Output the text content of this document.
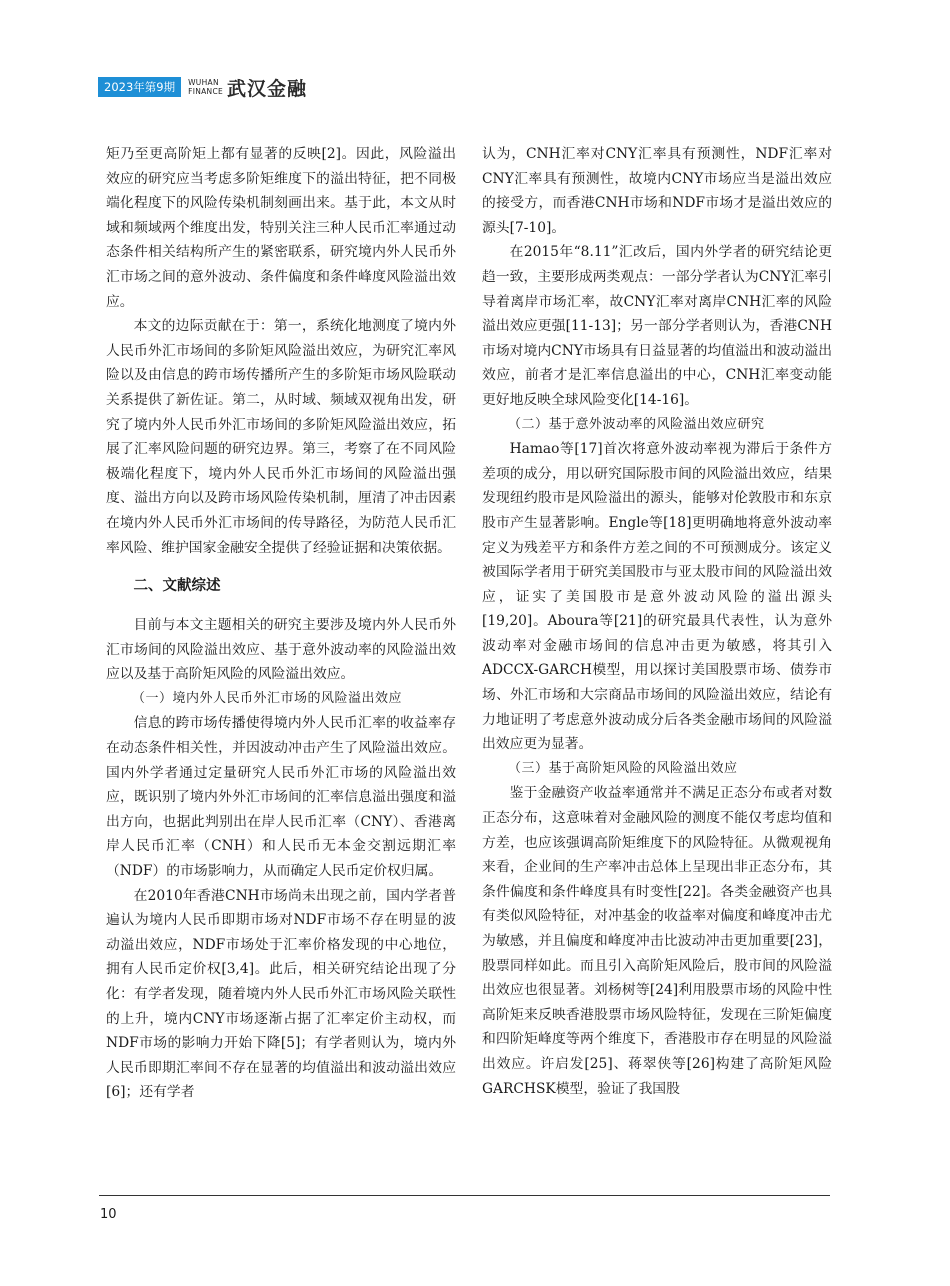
2023年第9期	WUHAN
FINANCE 武汉金融
矩乃至更高阶矩上都有显著的反映[2]。因此，风险溢出效应的研究应当考虑多阶矩维度下的溢出特征，把不同极端化程度下的风险传染机制刻画出来。基于此，本文从时域和频域两个维度出发，特别关注三种人民币汇率通过动态条件相关结构所产生的紧密联系，研究境内外人民币外汇市场之间的意外波动、条件偏度和条件峰度风险溢出效应。
本文的边际贡献在于：第一，系统化地测度了境内外人民币外汇市场间的多阶矩风险溢出效应，为研究汇率风险以及由信息的跨市场传播所产生的多阶矩市场风险联动关系提供了新佐证。第二，从时域、频域双视角出发，研究了境内外人民币外汇市场间的多阶矩风险溢出效应，拓展了汇率风险问题的研究边界。第三，考察了在不同风险极端化程度下，境内外人民币外汇市场间的风险溢出强度、溢出方向以及跨市场风险传染机制，厘清了冲击因素在境内外人民币外汇市场间的传导路径，为防范人民币汇率风险、维护国家金融安全提供了经验证据和决策依据。
二、文献综述
目前与本文主题相关的研究主要涉及境内外人民币外汇市场间的风险溢出效应、基于意外波动率的风险溢出效应以及基于高阶矩风险的风险溢出效应。
（一）境内外人民币外汇市场的风险溢出效应
信息的跨市场传播使得境内外人民币汇率的收益率存在动态条件相关性，并因波动冲击产生了风险溢出效应。国内外学者通过定量研究人民币外汇市场的风险溢出效应，既识别了境内外外汇市场间的汇率信息溢出强度和溢出方向，也据此判别出在岸人民币汇率（CNY）、香港离岸人民币汇率（CNH）和人民币无本金交割远期汇率（NDF）的市场影响力，从而确定人民币定价权归属。
在2010年香港CNH市场尚未出现之前，国内学者普遍认为境内人民币即期市场对NDF市场不存在明显的波动溢出效应，NDF市场处于汇率价格发现的中心地位，拥有人民币定价权[3,4]。此后，相关研究结论出现了分化：有学者发现，随着境内外人民币外汇市场风险关联性的上升，境内CNY市场逐渐占据了汇率定价主动权，而NDF市场的影响力开始下降[5]；有学者则认为，境内外人民币即期汇率间不存在显著的均值溢出和波动溢出效应[6]；还有学者
认为，CNH汇率对CNY汇率具有预测性，NDF汇率对CNY汇率具有预测性，故境内CNY市场应当是溢出效应的接受方，而香港CNH市场和NDF市场才是溢出效应的源头[7-10]。
在2015年“8.11”汇改后，国内外学者的研究结论更趋一致，主要形成两类观点：一部分学者认为CNY汇率引导着离岸市场汇率，故CNY汇率对离岸CNH汇率的风险溢出效应更强[11-13]；另一部分学者则认为，香港CNH市场对境内CNY市场具有日益显著的均值溢出和波动溢出效应，前者才是汇率信息溢出的中心，CNH汇率变动能更好地反映全球风险变化[14-16]。
（二）基于意外波动率的风险溢出效应研究
Hamao等[17]首次将意外波动率视为滞后于条件方差项的成分，用以研究国际股市间的风险溢出效应，结果发现纽约股市是风险溢出的源头，能够对伦敦股市和东京股市产生显著影响。Engle等[18]更明确地将意外波动率定义为残差平方和条件方差之间的不可预测成分。该定义被国际学者用于研究美国股市与亚太股市间的风险溢出效应，证实了美国股市是意外波动风险的溢出源头[19,20]。Aboura等[21]的研究最具代表性，认为意外波动率对金融市场间的信息冲击更为敏感，将其引入ADCCX-GARCH模型，用以探讨美国股票市场、债券市场、外汇市场和大宗商品市场间的风险溢出效应，结论有力地证明了考虑意外波动成分后各类金融市场间的风险溢出效应更为显著。
（三）基于高阶矩风险的风险溢出效应
鉴于金融资产收益率通常并不满足正态分布或者对数正态分布，这意味着对金融风险的测度不能仅考虑均值和方差，也应该强调高阶矩维度下的风险特征。从微观视角来看，企业间的生产率冲击总体上呈现出非正态分布，其条件偏度和条件峰度具有时变性[22]。各类金融资产也具有类似风险特征，对冲基金的收益率对偏度和峰度冲击尤为敏感，并且偏度和峰度冲击比波动冲击更加重要[23]，股票同样如此。而且引入高阶矩风险后，股市间的风险溢出效应也很显著。刘杨树等[24]利用股票市场的风险中性高阶矩来反映香港股票市场风险特征，发现在三阶矩偏度和四阶矩峰度等两个维度下，香港股市存在明显的风险溢出效应。许启发[25]、蒋翠侠等[26]构建了高阶矩风险GARCHSK模型，验证了我国股
10
